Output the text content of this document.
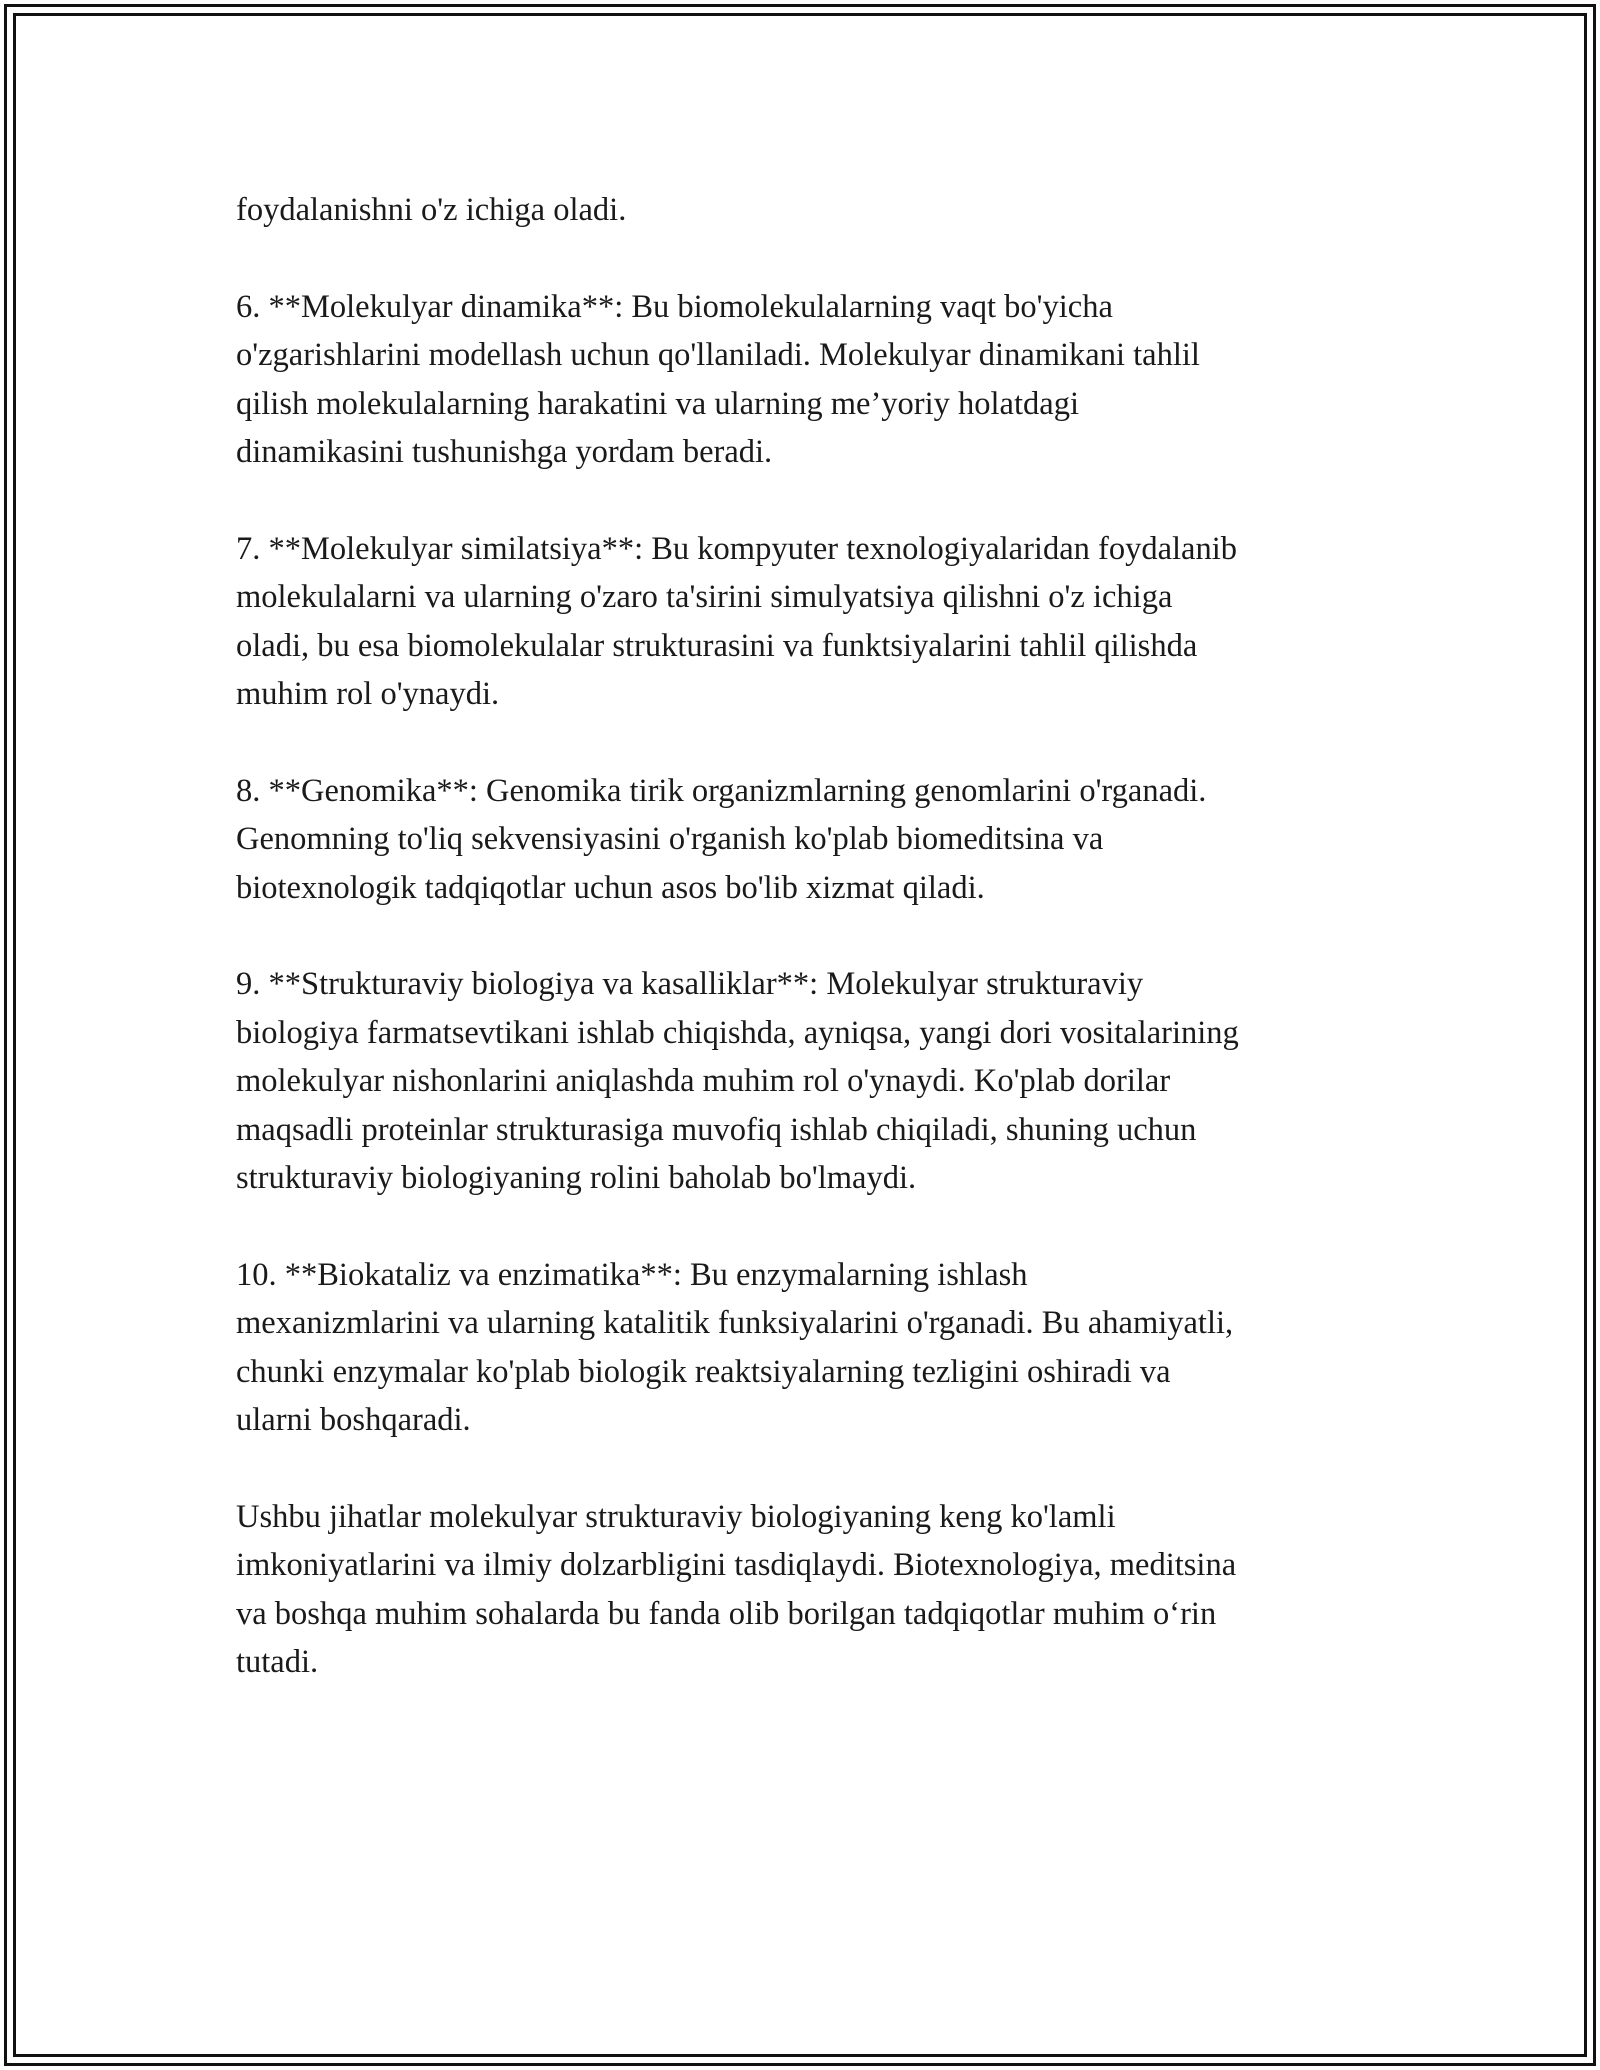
foydalanishni o'z ichiga oladi.

6. **Molekulyar dinamika**: Bu biomolekulalarning vaqt bo'yicha
o'zgarishlarini modellash uchun qo'llaniladi. Molekulyar dinamikani tahlil
qilish molekulalarning harakatini va ularning me’yoriy holatdagi
dinamikasini tushunishga yordam beradi.

7. **Molekulyar similatsiya**: Bu kompyuter texnologiyalaridan foydalanib
molekulalarni va ularning o'zaro ta'sirini simulyatsiya qilishni o'z ichiga
oladi, bu esa biomolekulalar strukturasini va funktsiyalarini tahlil qilishda
muhim rol o'ynaydi.

8. **Genomika**: Genomika tirik organizmlarning genomlarini o'rganadi.
Genomning to'liq sekvensiyasini o'rganish ko'plab biomeditsina va
biotexnologik tadqiqotlar uchun asos bo'lib xizmat qiladi.

9. **Strukturaviy biologiya va kasalliklar**: Molekulyar strukturaviy
biologiya farmatsevtikani ishlab chiqishda, ayniqsa, yangi dori vositalarining
molekulyar nishonlarini aniqlashda muhim rol o'ynaydi. Ko'plab dorilar
maqsadli proteinlar strukturasiga muvofiq ishlab chiqiladi, shuning uchun
strukturaviy biologiyaning rolini baholab bo'lmaydi.

10. **Biokataliz va enzimatika**: Bu enzymalarning ishlash
mexanizmlarini va ularning katalitik funksiyalarini o'rganadi. Bu ahamiyatli,
chunki enzymalar ko'plab biologik reaktsiyalarning tezligini oshiradi va
ularni boshqaradi.

Ushbu jihatlar molekulyar strukturaviy biologiyaning keng ko'lamli
imkoniyatlarini va ilmiy dolzarbligini tasdiqlaydi. Biotexnologiya, meditsina
va boshqa muhim sohalarda bu fanda olib borilgan tadqiqotlar muhim o‘rin
tutadi.
